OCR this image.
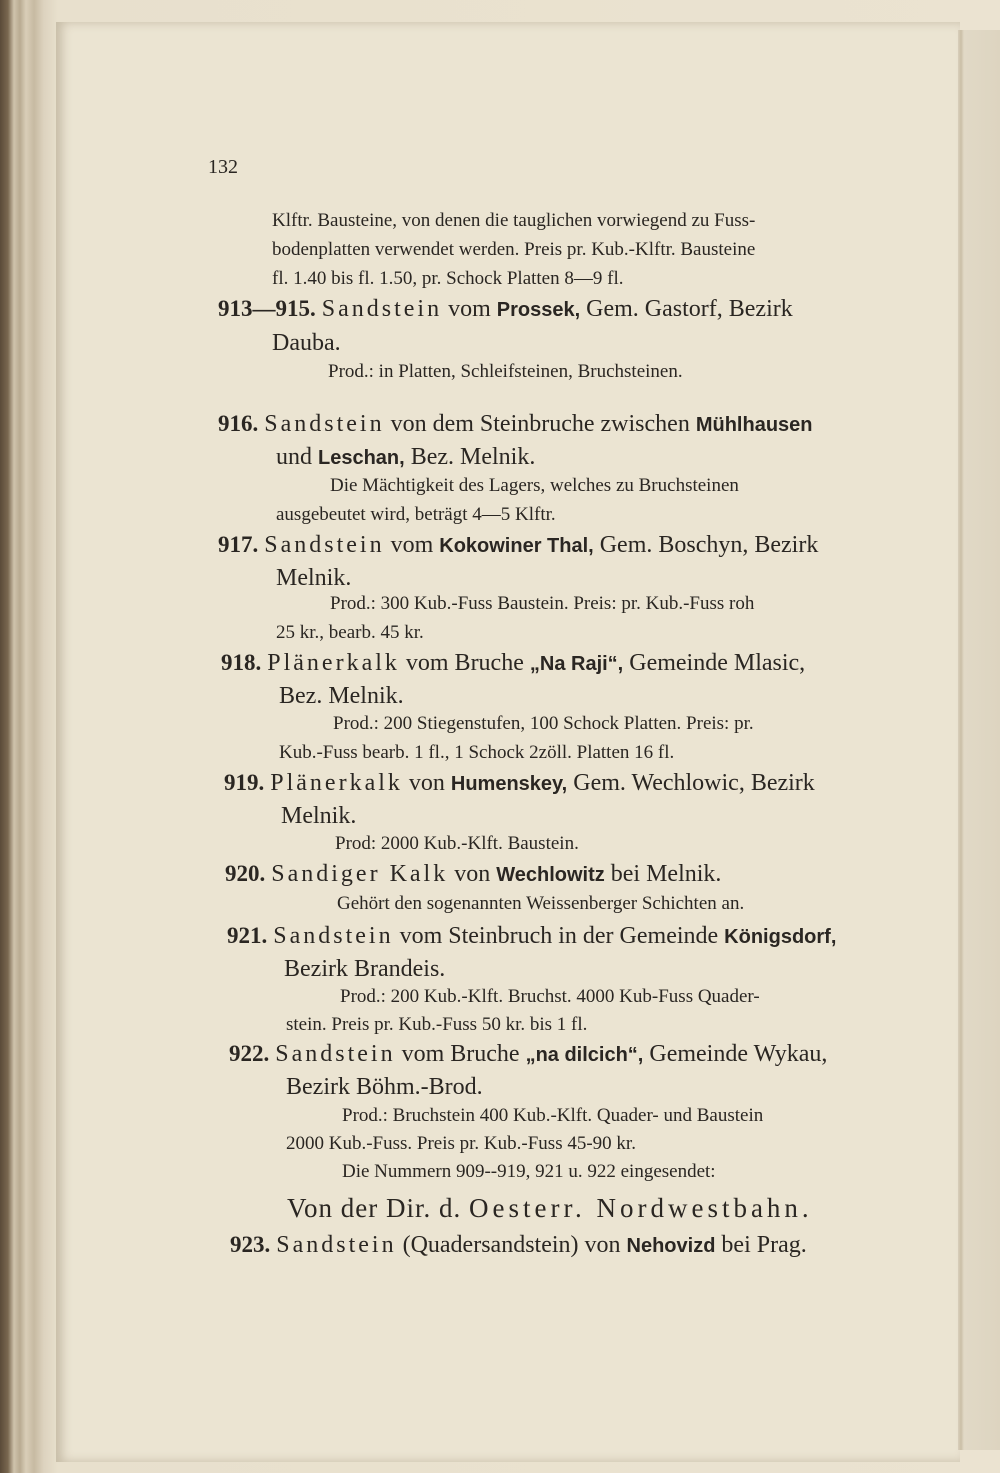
132
Klftr. Bausteine, von denen die tauglichen vorwiegend zu Fuss-
bodenplatten verwendet werden. Preis pr. Kub.-Klftr. Bausteine
fl. 1.40 bis fl. 1.50, pr. Schock Platten 8—9 fl.
913—915. Sandstein vom Prossek, Gem. Gastorf, Bezirk
Dauba.
Prod.: in Platten, Schleifsteinen, Bruchsteinen.
916. Sandstein von dem Steinbruche zwischen Mühlhausen
und Leschan, Bez. Melnik.
Die Mächtigkeit des Lagers, welches zu Bruchsteinen
ausgebeutet wird, beträgt 4—5 Klftr.
917. Sandstein vom Kokowiner Thal, Gem. Boschyn, Bezirk
Melnik.
Prod.: 300 Kub.-Fuss Baustein. Preis: pr. Kub.-Fuss roh
25 kr., bearb. 45 kr.
918. Plänerkalk vom Bruche „Na Raji“, Gemeinde Mlasic,
Bez. Melnik.
Prod.: 200 Stiegenstufen, 100 Schock Platten. Preis: pr.
Kub.-Fuss bearb. 1 fl., 1 Schock 2zöll. Platten 16 fl.
919. Plänerkalk von Humenskey, Gem. Wechlowic, Bezirk
Melnik.
Prod: 2000 Kub.-Klft. Baustein.
920. Sandiger Kalk von Wechlowitz bei Melnik.
Gehört den sogenannten Weissenberger Schichten an.
921. Sandstein vom Steinbruch in der Gemeinde Königsdorf,
Bezirk Brandeis.
Prod.: 200 Kub.-Klft. Bruchst. 4000 Kub-Fuss Quader-
stein. Preis pr. Kub.-Fuss 50 kr. bis 1 fl.
922. Sandstein vom Bruche „na dilcich“, Gemeinde Wykau,
Bezirk Böhm.-Brod.
Prod.: Bruchstein 400 Kub.-Klft. Quader- und Baustein
2000 Kub.-Fuss. Preis pr. Kub.-Fuss 45-90 kr.
Die Nummern 909--919, 921 u. 922 eingesendet:
Von der Dir. d. Oesterr. Nordwestbahn.
923. Sandstein (Quadersandstein) von Nehovizd bei Prag.
